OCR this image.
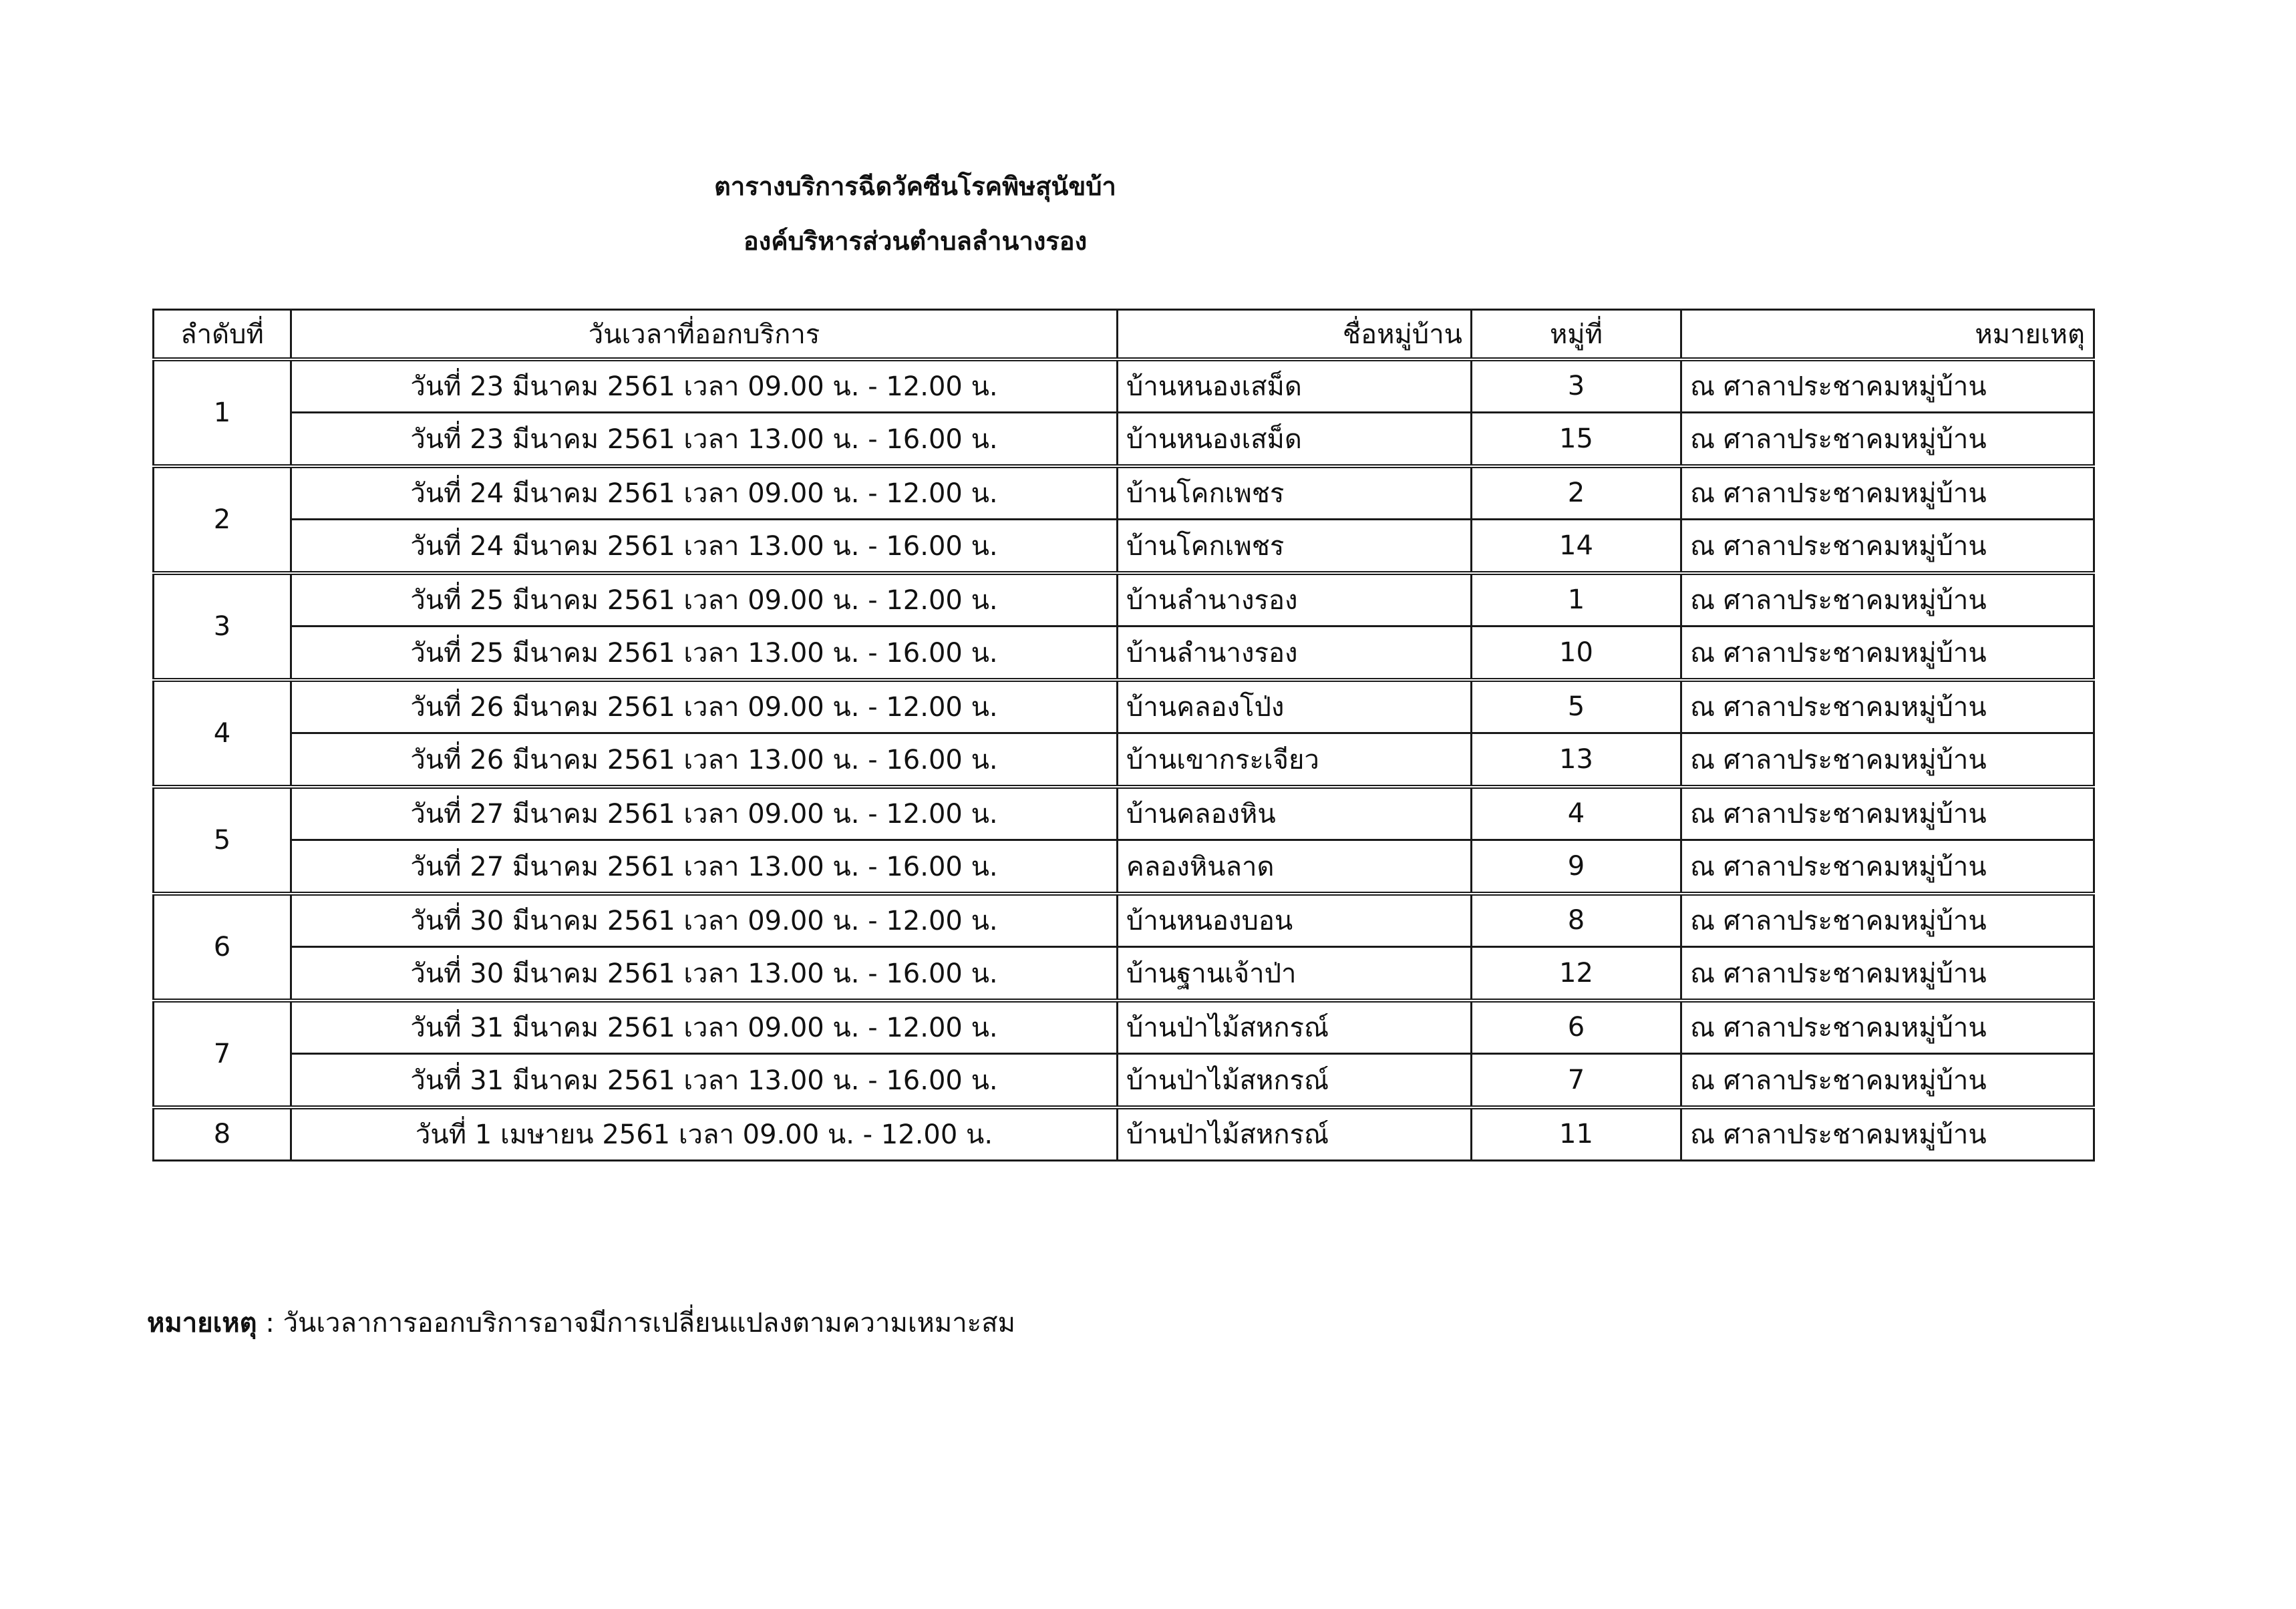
ตารางบริการฉีดวัคซีนโรคพิษสุนัขบ้า
องค์บริหารส่วนตำบลลำนางรอง
ลำดับที่	วันเวลาที่ออกบริการ	ชื่อหมู่บ้าน	หมู่ที่	หมายเหตุ
1	วันที่ 23 มีนาคม 2561 เวลา 09.00 น. - 12.00 น.	บ้านหนองเสม็ด	3	ณ ศาลาประชาคมหมู่บ้าน
	วันที่ 23 มีนาคม 2561 เวลา 13.00 น. - 16.00 น.	บ้านหนองเสม็ด	15	ณ ศาลาประชาคมหมู่บ้าน
2	วันที่ 24 มีนาคม 2561 เวลา 09.00 น. - 12.00 น.	บ้านโคกเพชร	2	ณ ศาลาประชาคมหมู่บ้าน
	วันที่ 24 มีนาคม 2561 เวลา 13.00 น. - 16.00 น.	บ้านโคกเพชร	14	ณ ศาลาประชาคมหมู่บ้าน
3	วันที่ 25 มีนาคม 2561 เวลา 09.00 น. - 12.00 น.	บ้านลำนางรอง	1	ณ ศาลาประชาคมหมู่บ้าน
	วันที่ 25 มีนาคม 2561 เวลา 13.00 น. - 16.00 น.	บ้านลำนางรอง	10	ณ ศาลาประชาคมหมู่บ้าน
4	วันที่ 26 มีนาคม 2561 เวลา 09.00 น. - 12.00 น.	บ้านคลองโป่ง	5	ณ ศาลาประชาคมหมู่บ้าน
	วันที่ 26 มีนาคม 2561 เวลา 13.00 น. - 16.00 น.	บ้านเขากระเจียว	13	ณ ศาลาประชาคมหมู่บ้าน
5	วันที่ 27 มีนาคม 2561 เวลา 09.00 น. - 12.00 น.	บ้านคลองหิน	4	ณ ศาลาประชาคมหมู่บ้าน
	วันที่ 27 มีนาคม 2561 เวลา 13.00 น. - 16.00 น.	คลองหินลาด	9	ณ ศาลาประชาคมหมู่บ้าน
6	วันที่ 30 มีนาคม 2561 เวลา 09.00 น. - 12.00 น.	บ้านหนองบอน	8	ณ ศาลาประชาคมหมู่บ้าน
	วันที่ 30 มีนาคม 2561 เวลา 13.00 น. - 16.00 น.	บ้านฐานเจ้าป่า	12	ณ ศาลาประชาคมหมู่บ้าน
7	วันที่ 31 มีนาคม 2561 เวลา 09.00 น. - 12.00 น.	บ้านป่าไม้สหกรณ์	6	ณ ศาลาประชาคมหมู่บ้าน
	วันที่ 31 มีนาคม 2561 เวลา 13.00 น. - 16.00 น.	บ้านป่าไม้สหกรณ์	7	ณ ศาลาประชาคมหมู่บ้าน
8	วันที่ 1 เมษายน 2561 เวลา 09.00 น. - 12.00 น.	บ้านป่าไม้สหกรณ์	11	ณ ศาลาประชาคมหมู่บ้าน
หมายเหตุ : วันเวลาการออกบริการอาจมีการเปลี่ยนแปลงตามความเหมาะสม
